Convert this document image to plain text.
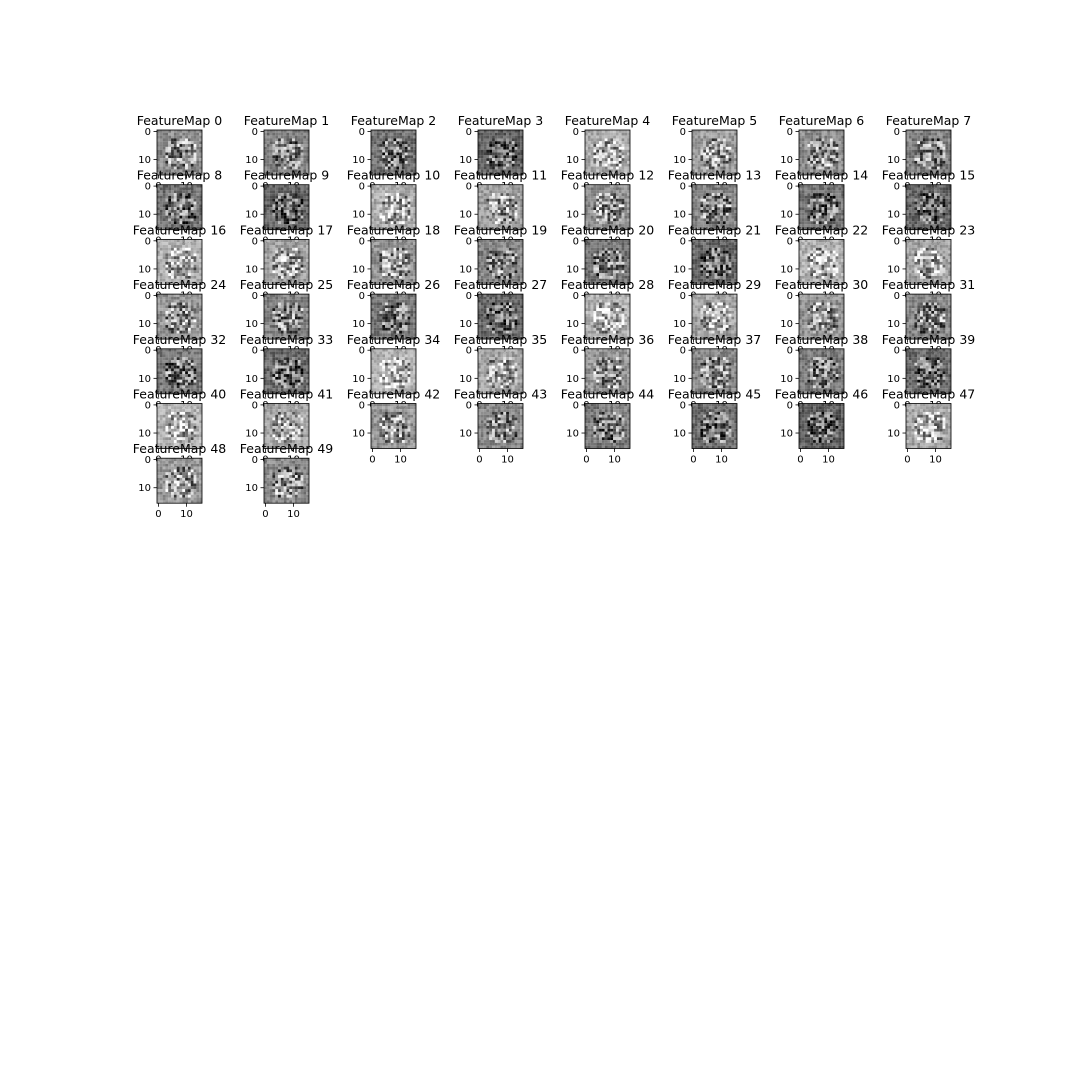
FeatureMap 0
0
10
FeatureMap 1
0
10
FeatureMap 2
0
10
FeatureMap 3
0
10
FeatureMap 4
0
10
FeatureMap 5
0
10
FeatureMap 6
0
10
FeatureMap 7
0
10
FeatureMap 8
0
10
FeatureMap 9
0
10
FeatureMap 10
0
10
FeatureMap 11
0
10
FeatureMap 12
0
10
FeatureMap 13
0
10
FeatureMap 14
0
10
FeatureMap 15
0
10
FeatureMap 16
0
10
FeatureMap 17
0
10
FeatureMap 18
0
10
FeatureMap 19
0
10
FeatureMap 20
0
10
FeatureMap 21
0
10
FeatureMap 22
0
10
FeatureMap 23
0
10
FeatureMap 24
0
10
FeatureMap 25
0
10
FeatureMap 26
0
10
FeatureMap 27
0
10
FeatureMap 28
0
10
FeatureMap 29
0
10
FeatureMap 30
0
10
FeatureMap 31
0
10
FeatureMap 32
0
10
FeatureMap 33
0
10
FeatureMap 34
0
10
FeatureMap 35
0
10
FeatureMap 36
0
10
FeatureMap 37
0
10
FeatureMap 38
0
10
FeatureMap 39
0
10
FeatureMap 40
0
10
FeatureMap 41
0
10
FeatureMap 42
0
10
0 10
FeatureMap 43
0
10
0 10
FeatureMap 44
0
10
0 10
FeatureMap 45
0
10
0 10
FeatureMap 46
0
10
0 10
FeatureMap 47
0
10
0 10
FeatureMap 48
0
10
0 10
FeatureMap 49
0
10
0 10
